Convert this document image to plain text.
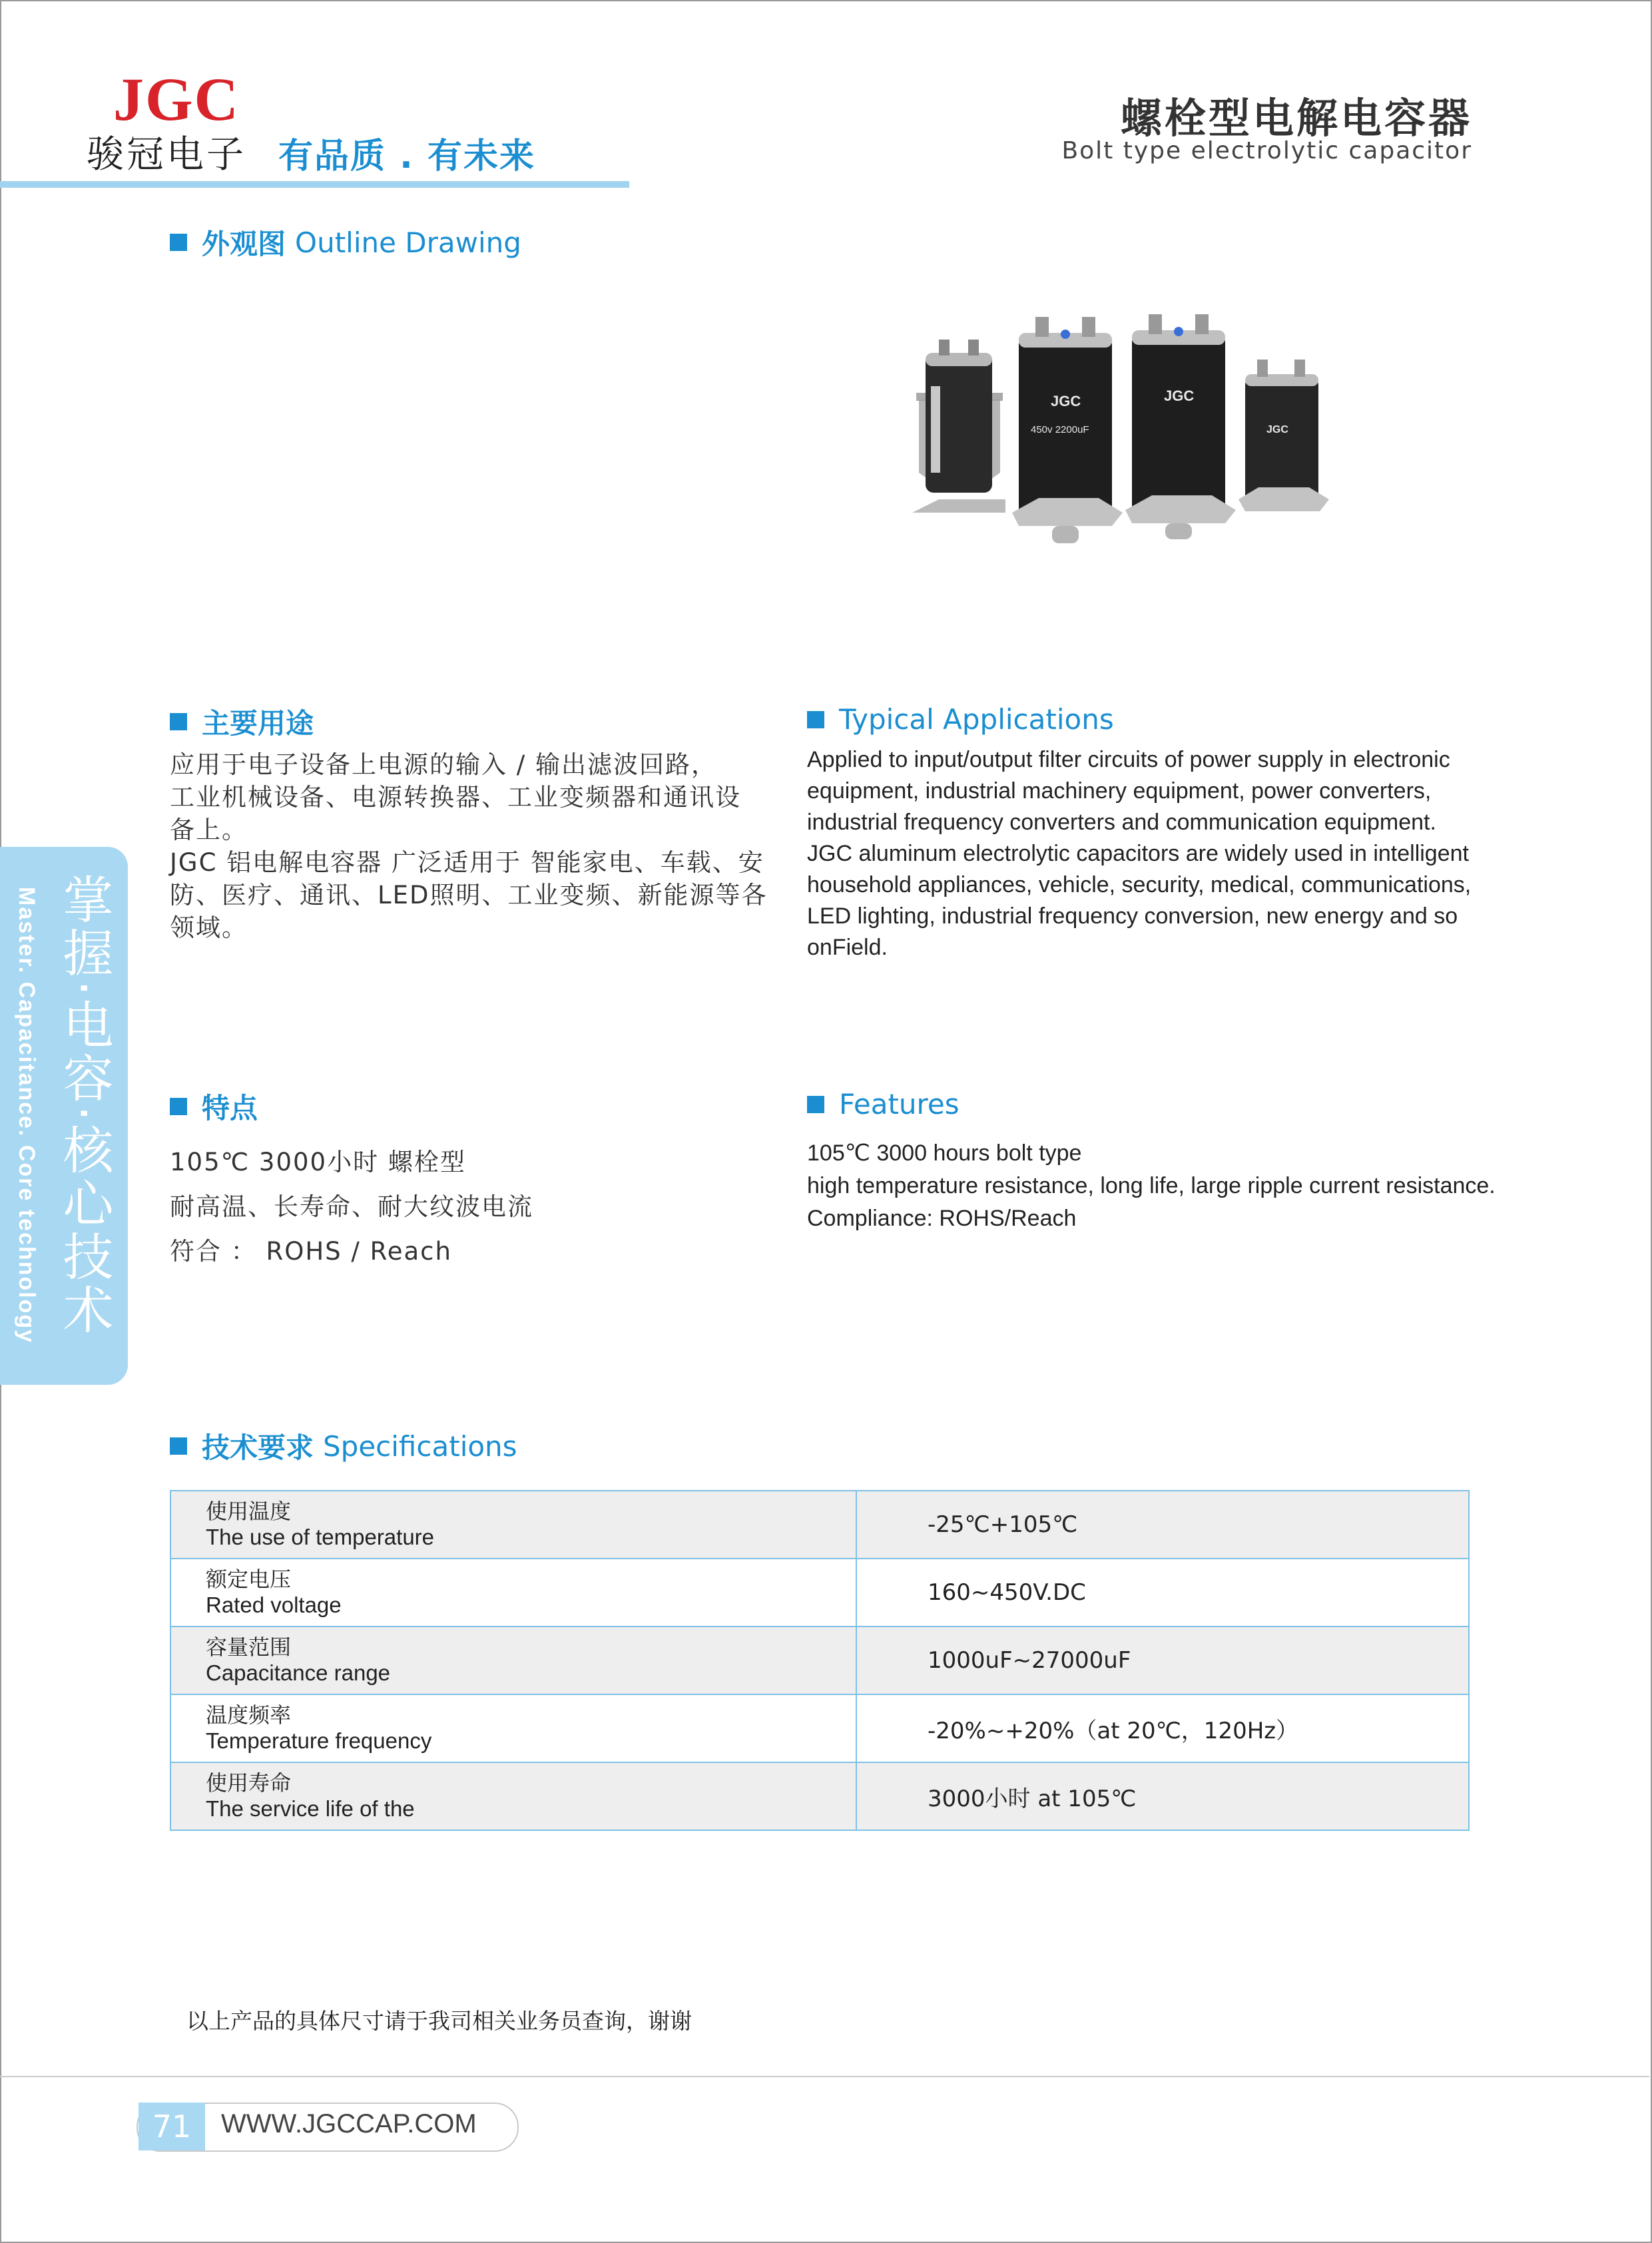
JGC
骏冠电子 有品质 . 有未来
螺栓型电解电容器
Bolt type electrolytic capacitor
外观图 Outline Drawing
JGC
450v 2200uF
JGC
JGC
主要用途
应用于电子设备上电源的输入 / 输出滤波回路，
工业机械设备、电源转换器、工业变频器和通讯设
备上。
JGC 铝电解电容器 广泛适用于 智能家电、车载、安
防、医疗、通讯、LED照明、工业变频、新能源等各
领域。
Typical Applications
Applied to input/output filter circuits of power supply in electronic
equipment, industrial machinery equipment, power converters,
industrial frequency converters and communication equipment.
JGC aluminum electrolytic capacitors are widely used in intelligent
household appliances, vehicle, security, medical, communications,
LED lighting, industrial frequency conversion, new energy and so
onField.
特点
105℃ 3000小时 螺栓型
耐高温、长寿命、耐大纹波电流
符合 ： ROHS / Reach
Features
105℃ 3000 hours bolt type
high temperature resistance, long life, large ripple current resistance.
Compliance: ROHS/Reach
掌握·电容·核心技术
Master. Capacitance. Core technology
技术要求 Specifications
使用温度
The use of temperature	-25℃+105℃

额定电压
Rated voltage	160~450V.DC

容量范围
Capacitance range	1000uF~27000uF

温度频率
Temperature frequency	-20%~+20%（at 20℃，120Hz）

使用寿命
The service life of the	3000小时 at 105℃
以上产品的具体尺寸请于我司相关业务员查询，谢谢
71	WWW.JGCCAP.COM
